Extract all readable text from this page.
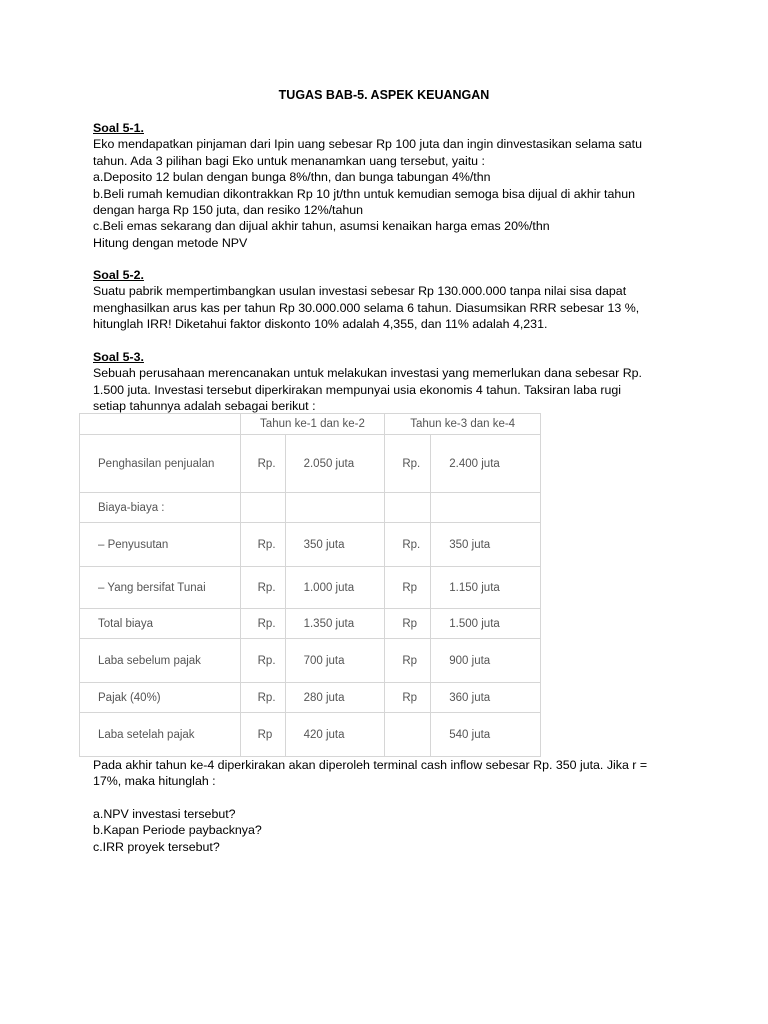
TUGAS BAB-5. ASPEK KEUANGAN
Soal 5-1.
Eko mendapatkan pinjaman dari Ipin uang sebesar Rp 100 juta dan ingin dinvestasikan selama satu
tahun. Ada 3 pilihan bagi Eko untuk menanamkan uang tersebut, yaitu :
a.Deposito 12 bulan dengan bunga 8%/thn, dan bunga tabungan 4%/thn
b.Beli rumah kemudian dikontrakkan Rp 10 jt/thn untuk kemudian semoga bisa dijual di akhir tahun
dengan harga Rp 150 juta, dan resiko 12%/tahun
c.Beli emas sekarang dan dijual akhir tahun, asumsi kenaikan harga emas 20%/thn
Hitung dengan metode NPV
Soal 5-2.
Suatu pabrik mempertimbangkan usulan investasi sebesar Rp 130.000.000 tanpa nilai sisa dapat
menghasilkan arus kas per tahun Rp 30.000.000 selama 6 tahun. Diasumsikan RRR sebesar 13 %,
hitunglah IRR! Diketahui faktor diskonto 10% adalah 4,355, dan 11% adalah 4,231.
Soal 5-3.
Sebuah perusahaan merencanakan untuk melakukan investasi yang memerlukan dana sebesar Rp.
1.500 juta. Investasi tersebut diperkirakan mempunyai usia ekonomis 4 tahun. Taksiran laba rugi
setiap tahunnya adalah sebagai berikut :
	Tahun ke-1 dan ke-2		Tahun ke-3 dan ke-4	
Penghasilan penjualan	Rp.	2.050 juta	Rp.	2.400 juta
Biaya-biaya :				
– Penyusutan	Rp.	350 juta	Rp.	350 juta
– Yang bersifat Tunai	Rp.	1.000 juta	Rp	1.150 juta
Total biaya	Rp.	1.350 juta	Rp	1.500 juta
Laba sebelum pajak	Rp.	700 juta	Rp	900 juta
Pajak (40%)	Rp.	280 juta	Rp	360 juta
Laba setelah pajak	Rp	420 juta		540 juta
Pada akhir tahun ke-4 diperkirakan akan diperoleh terminal cash inflow sebesar Rp. 350 juta. Jika r =
17%, maka hitunglah :
a.NPV investasi tersebut?
b.Kapan Periode paybacknya?
c.IRR proyek tersebut?
